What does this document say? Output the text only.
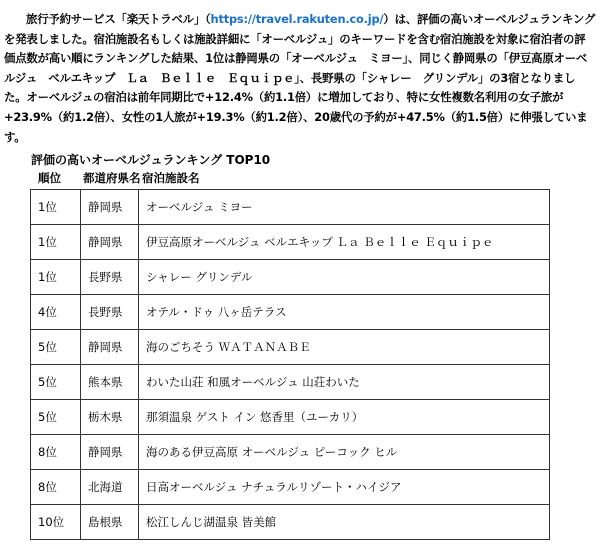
旅行予約サービス「楽天トラベル」（https://travel.rakuten.co.jp/）は、評価の高いオーベルジュランキングを発表しました。宿泊施設名もしくは施設詳細に「オーベルジュ」のキーワードを含む宿泊施設を対象に宿泊者の評価点数が高い順にランキングした結果、1位は静岡県の「オーベルジュ　ミヨー」、同じく静岡県の「伊豆高原オーベルジュ　ベルエキップ　Ｌａ　Ｂｅｌｌｅ　Ｅｑｕｉｐｅ」、長野県の「シャレー　グリンデル」の3宿となりました。オーベルジュの宿泊は前年同期比で+12.4%（約1.1倍）に増加しており、特に女性複数名利用の女子旅が+23.9%（約1.2倍）、女性の1人旅が+19.3%（約1.2倍）、20歳代の予約が+47.5%（約1.5倍）に伸張しています。

評価の高いオーベルジュランキング TOP10
順位 都道府県名 宿泊施設名
1位	静岡県	オーベルジュ ミヨー
1位	静岡県	伊豆高原オーベルジュ ベルエキップ Ｌａ Ｂｅｌｌｅ Ｅｑｕｉｐｅ
1位	長野県	シャレー グリンデル
4位	長野県	オテル・ドゥ 八ヶ岳テラス
5位	静岡県	海のごちそう ＷＡＴＡＮＡＢＥ
5位	熊本県	わいた山荘 和風オーベルジュ 山荘わいた
5位	栃木県	那須温泉 ゲスト イン 悠香里（ユーカリ）
8位	静岡県	海のある伊豆高原 オーベルジュ ピーコック ヒル
8位	北海道	日高オーベルジュ ナチュラルリゾート・ハイジア
10位	島根県	松江しんじ湖温泉 皆美館
